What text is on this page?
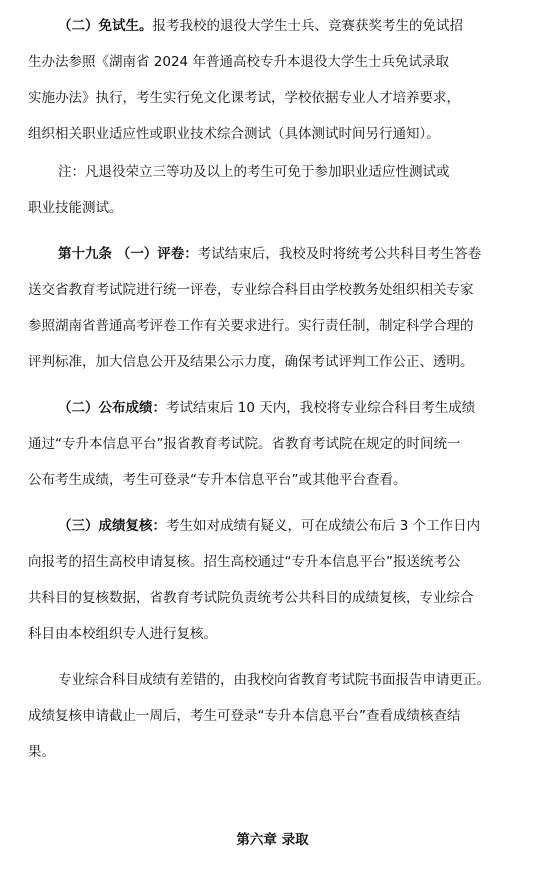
（二）免试生。报考我校的退役大学生士兵、竞赛获奖考生的免试招
生办法参照《湖南省 2024 年普通高校专升本退役大学生士兵免试录取
实施办法》执行，考生实行免文化课考试，学校依据专业人才培养要求，
组织相关职业适应性或职业技术综合测试（具体测试时间另行通知）。
注：凡退役荣立三等功及以上的考生可免于参加职业适应性测试或
职业技能测试。
第十九条 （一）评卷：考试结束后，我校及时将统考公共科目考生答卷
送交省教育考试院进行统一评卷，专业综合科目由学校教务处组织相关专家
参照湖南省普通高考评卷工作有关要求进行。实行责任制，制定科学合理的
评判标准，加大信息公开及结果公示力度，确保考试评判工作公正、透明。
（二）公布成绩：考试结束后 10 天内，我校将专业综合科目考生成绩
通过“专升本信息平台”报省教育考试院。省教育考试院在规定的时间统一
公布考生成绩，考生可登录“专升本信息平台”或其他平台查看。
（三）成绩复核：考生如对成绩有疑义，可在成绩公布后 3 个工作日内
向报考的招生高校申请复核。招生高校通过“专升本信息平台”报送统考公
共科目的复核数据，省教育考试院负责统考公共科目的成绩复核，专业综合
科目由本校组织专人进行复核。
专业综合科目成绩有差错的，由我校向省教育考试院书面报告申请更正。
成绩复核申请截止一周后，考生可登录“专升本信息平台”查看成绩核查结
果。
第六章 录取
